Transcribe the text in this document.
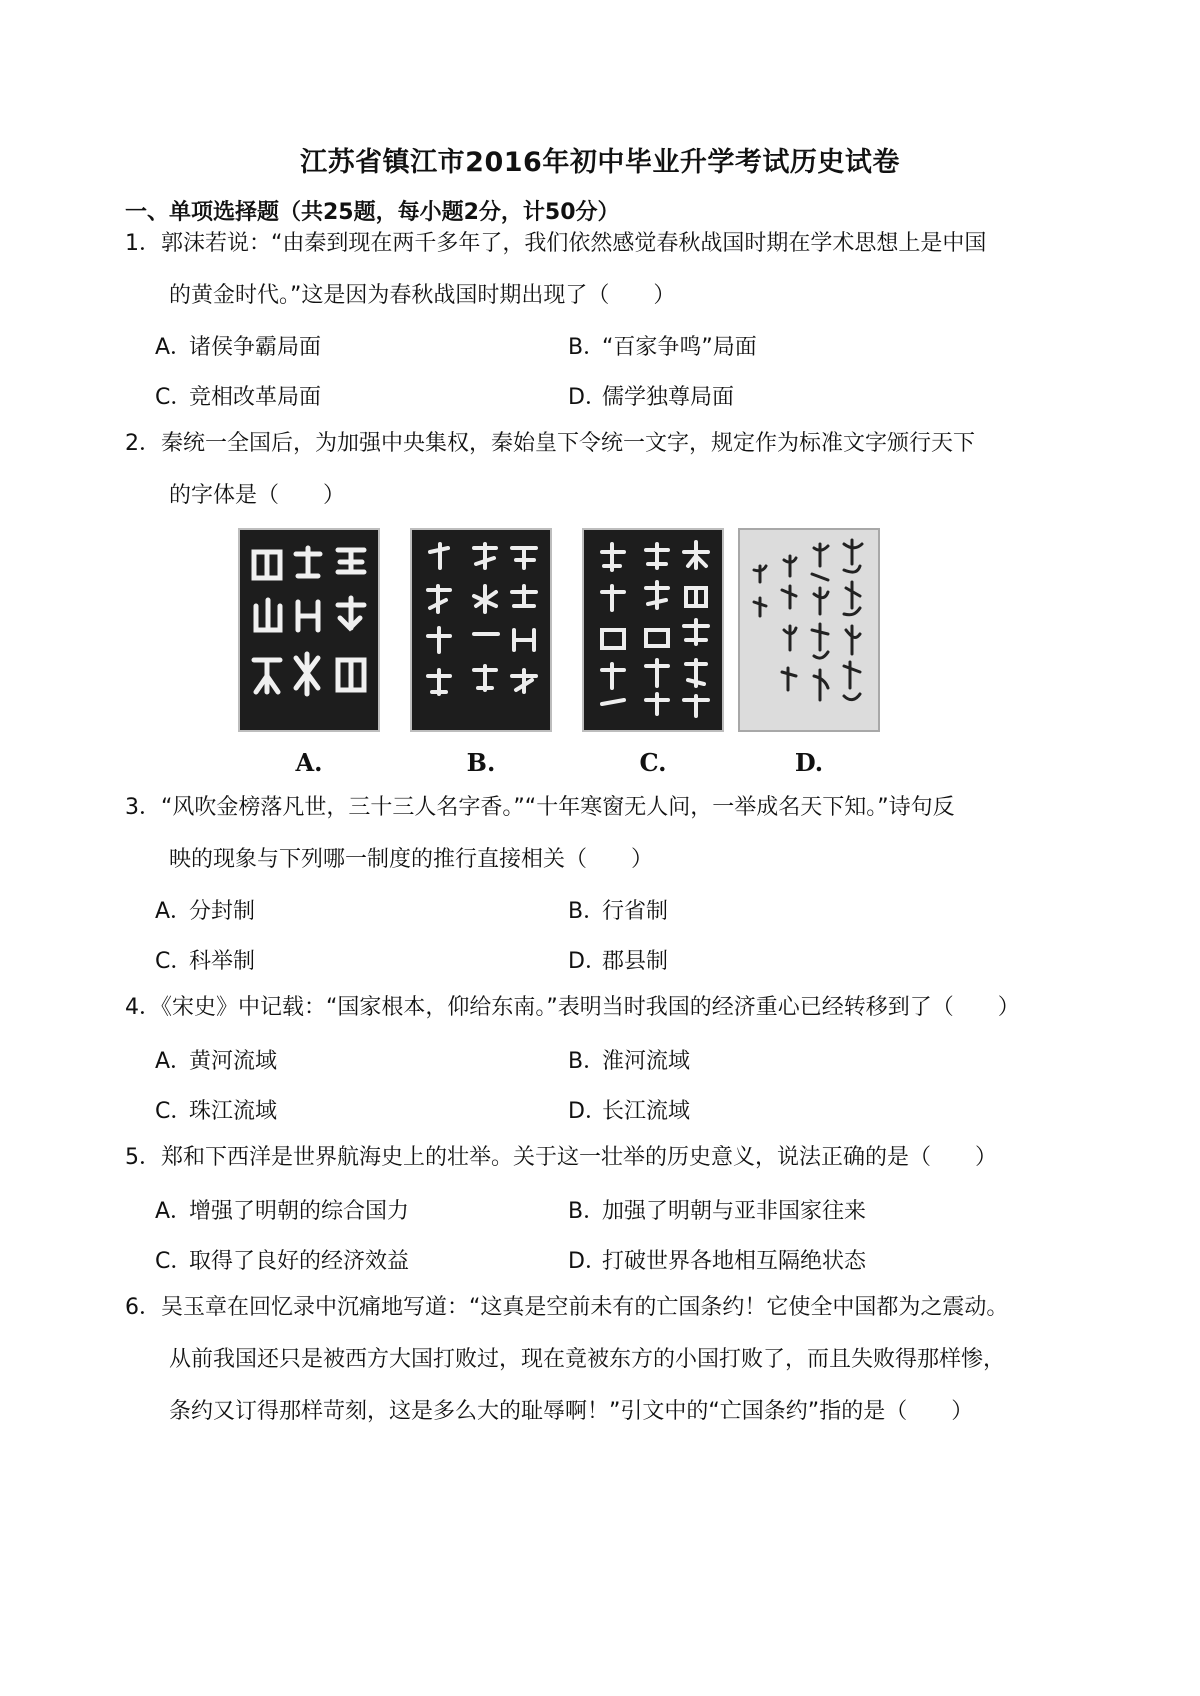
江苏省镇江市2016年初中毕业升学考试历史试卷
一、单项选择题（共25题，每小题2分，计50分）
1．郭沫若说：“由秦到现在两千多年了，我们依然感觉春秋战国时期在学术思想上是中国
的黄金时代。”这是因为春秋战国时期出现了（　　）
A．诸侯争霸局面	B．“百家争鸣”局面
C．竞相改革局面	D．儒学独尊局面
2．秦统一全国后，为加强中央集权，秦始皇下令统一文字，规定作为标准文字颁行天下
的字体是（　　）
A.	B.	C.	D.
3．“风吹金榜落凡世，三十三人名字香。”“十年寒窗无人问，一举成名天下知。”诗句反
映的现象与下列哪一制度的推行直接相关（　　）
A．分封制	B．行省制
C．科举制	D．郡县制
4．《宋史》中记载：“国家根本，仰给东南。”表明当时我国的经济重心已经转移到了（　　）
A．黄河流域	B．淮河流域
C．珠江流域	D．长江流域
5．郑和下西洋是世界航海史上的壮举。关于这一壮举的历史意义，说法正确的是（　　）
A．增强了明朝的综合国力	B．加强了明朝与亚非国家往来
C．取得了良好的经济效益	D．打破世界各地相互隔绝状态
6．吴玉章在回忆录中沉痛地写道：“这真是空前未有的亡国条约！它使全中国都为之震动。
从前我国还只是被西方大国打败过，现在竟被东方的小国打败了，而且失败得那样惨，
条约又订得那样苛刻，这是多么大的耻辱啊！”引文中的“亡国条约”指的是（　　）
